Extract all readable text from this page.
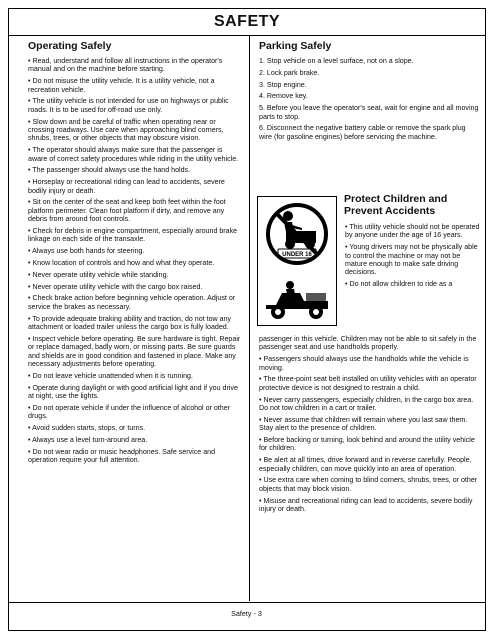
SAFETY
Operating Safely

• Read, understand and follow all instructions in the operator's manual and on the machine before starting.

• Do not misuse the utility vehicle. It is a utility vehicle, not a recreation vehicle.

• The utility vehicle is not intended for use on highways or public roads. It is to be used for off-road use only.

• Slow down and be careful of traffic when operating near or crossing roadways. Use care when approaching blind corners, shrubs, trees, or other objects that may obscure vision.

• The operator should always make sure that the passenger is aware of correct safety procedures while riding in the utility vehicle.

• The passenger should always use the hand holds.

• Horseplay or recreational riding can lead to accidents, severe bodily injury or death.

• Sit on the center of the seat and keep both feet within the foot platform perimeter. Clean foot platform if dirty, and remove any debris from around foot controls.

• Check for debris in engine compartment, especially around brake linkage on each side of the transaxle.

• Always use both hands for steering.

• Know location of controls and how and what they operate.

• Never operate utility vehicle while standing.

• Never operate utility vehicle with the cargo box raised.

• Check brake action before beginning vehicle operation. Adjust or service the brakes as necessary.

• To provide adequate braking ability and traction, do not tow any attachment or loaded trailer unless the cargo box is fully loaded.

• Inspect vehicle before operating. Be sure hardware is tight. Repair or replace damaged, badly worn, or missing parts. Be sure guards and shields are in good condition and fastened in place. Make any necessary adjustments before operating.

• Do not leave vehicle unattended when it is running.

• Operate during daylight or with good artificial light and if you drive at night, use the lights.

• Do not operate vehicle if under the influence of alcohol or other drugs.

• Avoid sudden starts, stops, or turns.

• Always use a level turn-around area.

• Do not wear radio or music headphones. Safe service and operation require your full attention.

Parking Safely
1. Stop vehicle on a level surface, not on a slope.
2. Lock park brake.
3. Stop engine.
4. Remove key.
5. Before you leave the operator's seat, wait for engine and all moving parts to stop.
6. Disconnect the negative battery cable or remove the spark plug wire (for gasoline engines) before servicing the machine.
UNDER 16
Protect Children and
Prevent Accidents

• This utility vehicle should not be operated by anyone under the age of 16 years.

• Young drivers may not be physically able to control the machine or may not be mature enough to make safe driving decisions.

• Do not allow children to ride as a

passenger in this vehicle. Children may not be able to sit safely in the passenger seat and use handholds properly.

• Passengers should always use the handholds while the vehicle is moving.

• The three-point seat belt installed on utility vehicles with an operator protective device is not designed to restrain a child.

• Never carry passengers, especially children, in the cargo box area. Do not tow children in a cart or trailer.

• Never assume that children will remain where you last saw them. Stay alert to the presence of children.

• Before backing or turning, look behind and around the utility vehicle for children.

• Be alert at all times, drive forward and in reverse carefully. People, especially children, can move quickly into an area of operation.

• Use extra care when coming to blind corners, shrubs, trees, or other objects that may block vision.

• Misuse and recreational riding can lead to accidents, severe bodily injury or death.

Safety - 3
